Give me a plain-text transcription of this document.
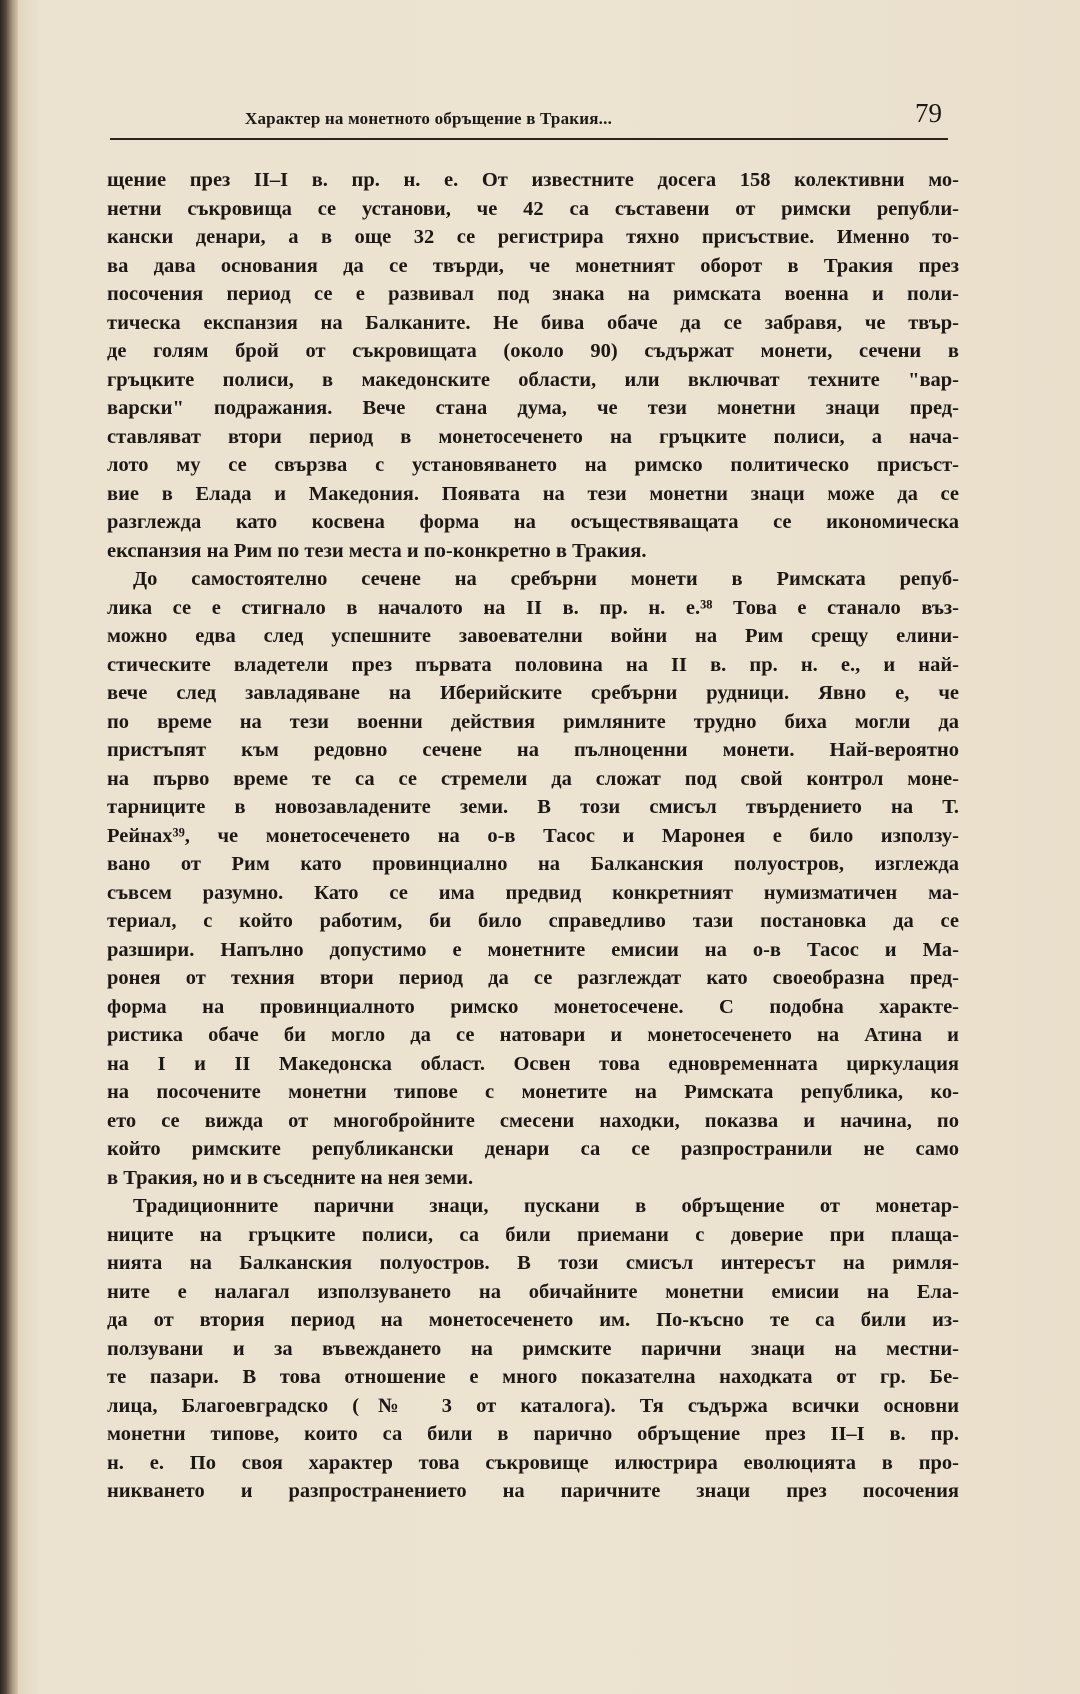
Характер на монетното обръщение в Тракия...	79
щение през II–I в. пр. н. е. От известните досега 158 колективни мо-
нетни съкровища се установи, че 42 са съставени от римски републи-
кански денари, а в още 32 се регистрира тяхно присъствие. Именно то-
ва дава основания да се твърди, че монетният оборот в Тракия през
посочения период се е развивал под знака на римската военна и поли-
тическа експанзия на Балканите. Не бива обаче да се забравя, че твър-
де голям брой от съкровищата (около 90) съдържат монети, сечени в
гръцките полиси, в македонските области, или включват техните "вар-
варски" подражания. Вече стана дума, че тези монетни знаци пред-
ставляват втори период в монетосеченето на гръцките полиси, а нача-
лото му се свързва с установяването на римско политическо присъст-
вие в Елада и Македония. Появата на тези монетни знаци може да се
разглежда като косвена форма на осъществяващата се икономическа
експанзия на Рим по тези места и по-конкретно в Тракия.
До самостоятелно сечене на сребърни монети в Римската репуб-
лика се е стигнало в началото на II в. пр. н. е.³⁸ Това е станало въз-
можно едва след успешните завоевателни войни на Рим срещу елини-
стическите владетели през първата половина на II в. пр. н. е., и най-
вече след завладяване на Иберийските сребърни рудници. Явно е, че
по време на тези военни действия римляните трудно биха могли да
пристъпят към редовно сечене на пълноценни монети. Най-вероятно
на първо време те са се стремели да сложат под свой контрол моне-
тарниците в новозавладените земи. В този смисъл твърдението на Т.
Рейнах³⁹, че монетосеченето на о-в Тасос и Маронея е било използу-
вано от Рим като провинциално на Балканския полуостров, изглежда
съвсем разумно. Като се има предвид конкретният нумизматичен ма-
териал, с който работим, би било справедливо тази постановка да се
разшири. Напълно допустимо е монетните емисии на о-в Тасос и Ма-
ронея от техния втори период да се разглеждат като своеобразна пред-
форма на провинциалното римско монетосечене. С подобна характе-
ристика обаче би могло да се натовари и монетосеченето на Атина и
на I и II Македонска област. Освен това едновременната циркулация
на посочените монетни типове с монетите на Римската република, ко-
ето се вижда от многобройните смесени находки, показва и начина, по
който римските републикански денари са се разпространили не само
в Тракия, но и в съседните на нея земи.
Традиционните парични знаци, пускани в обръщение от монетар-
ниците на гръцките полиси, са били приемани с доверие при плаща-
нията на Балканския полуостров. В този смисъл интересът на римля-
ните е налагал използуването на обичайните монетни емисии на Ела-
да от втория период на монетосеченето им. По-късно те са били из-
ползувани и за въвеждането на римските парични знаци на местни-
те пазари. В това отношение е много показателна находката от гр. Бе-
лица, Благоевградско (№ 3 от каталога). Тя съдържа всички основни
монетни типове, които са били в парично обръщение през II–I в. пр.
н. е. По своя характер това съкровище илюстрира еволюцията в про-
никването и разпространението на паричните знаци през посочения
